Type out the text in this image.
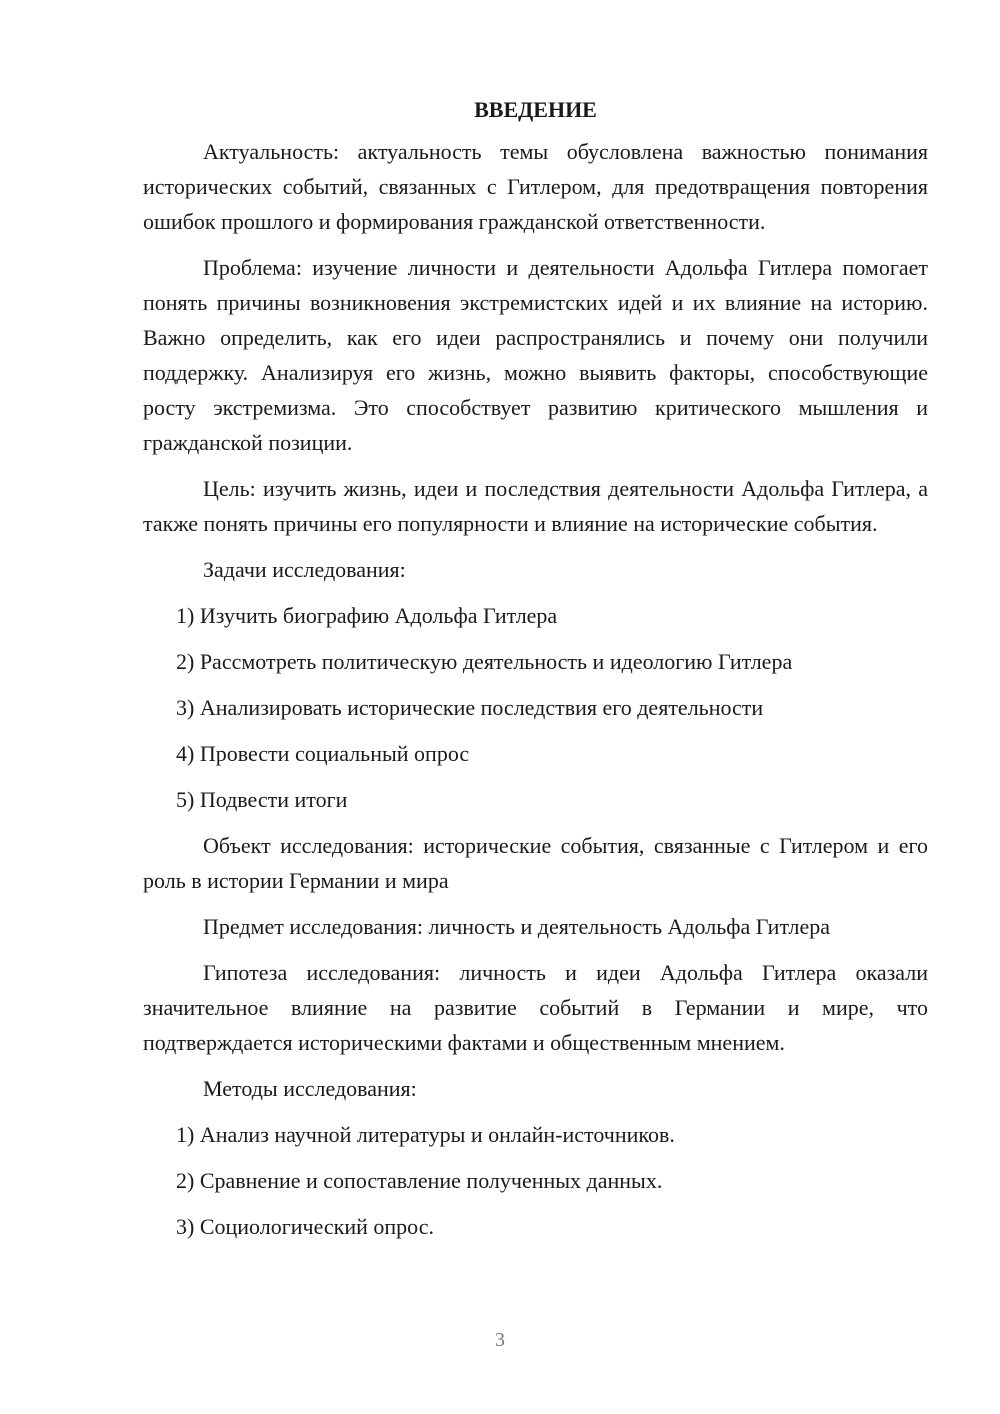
ВВЕДЕНИЕ
Актуальность: актуальность темы обусловлена важностью понимания исторических событий, связанных с Гитлером, для предотвращения повторения ошибок прошлого и формирования гражданской ответственности.
Проблема: изучение личности и деятельности Адольфа Гитлера помогает понять причины возникновения экстремистских идей и их влияние на историю. Важно определить, как его идеи распространялись и почему они получили поддержку. Анализируя его жизнь, можно выявить факторы, способствующие росту экстремизма. Это способствует развитию критического мышления и гражданской позиции.
Цель: изучить жизнь, идеи и последствия деятельности Адольфа Гитлера, а также понять причины его популярности и влияние на исторические события.
Задачи исследования:
1) Изучить биографию Адольфа Гитлера
2) Рассмотреть политическую деятельность и идеологию Гитлера
3) Анализировать исторические последствия его деятельности
4) Провести социальный опрос
5) Подвести итоги
Объект исследования: исторические события, связанные с Гитлером и его роль в истории Германии и мира
Предмет исследования: личность и деятельность Адольфа Гитлера
Гипотеза исследования: личность и идеи Адольфа Гитлера оказали значительное влияние на развитие событий в Германии и мире, что подтверждается историческими фактами и общественным мнением.
Методы исследования:
1) Анализ научной литературы и онлайн-источников.
2) Сравнение и сопоставление полученных данных.
3) Социологический опрос.
3
